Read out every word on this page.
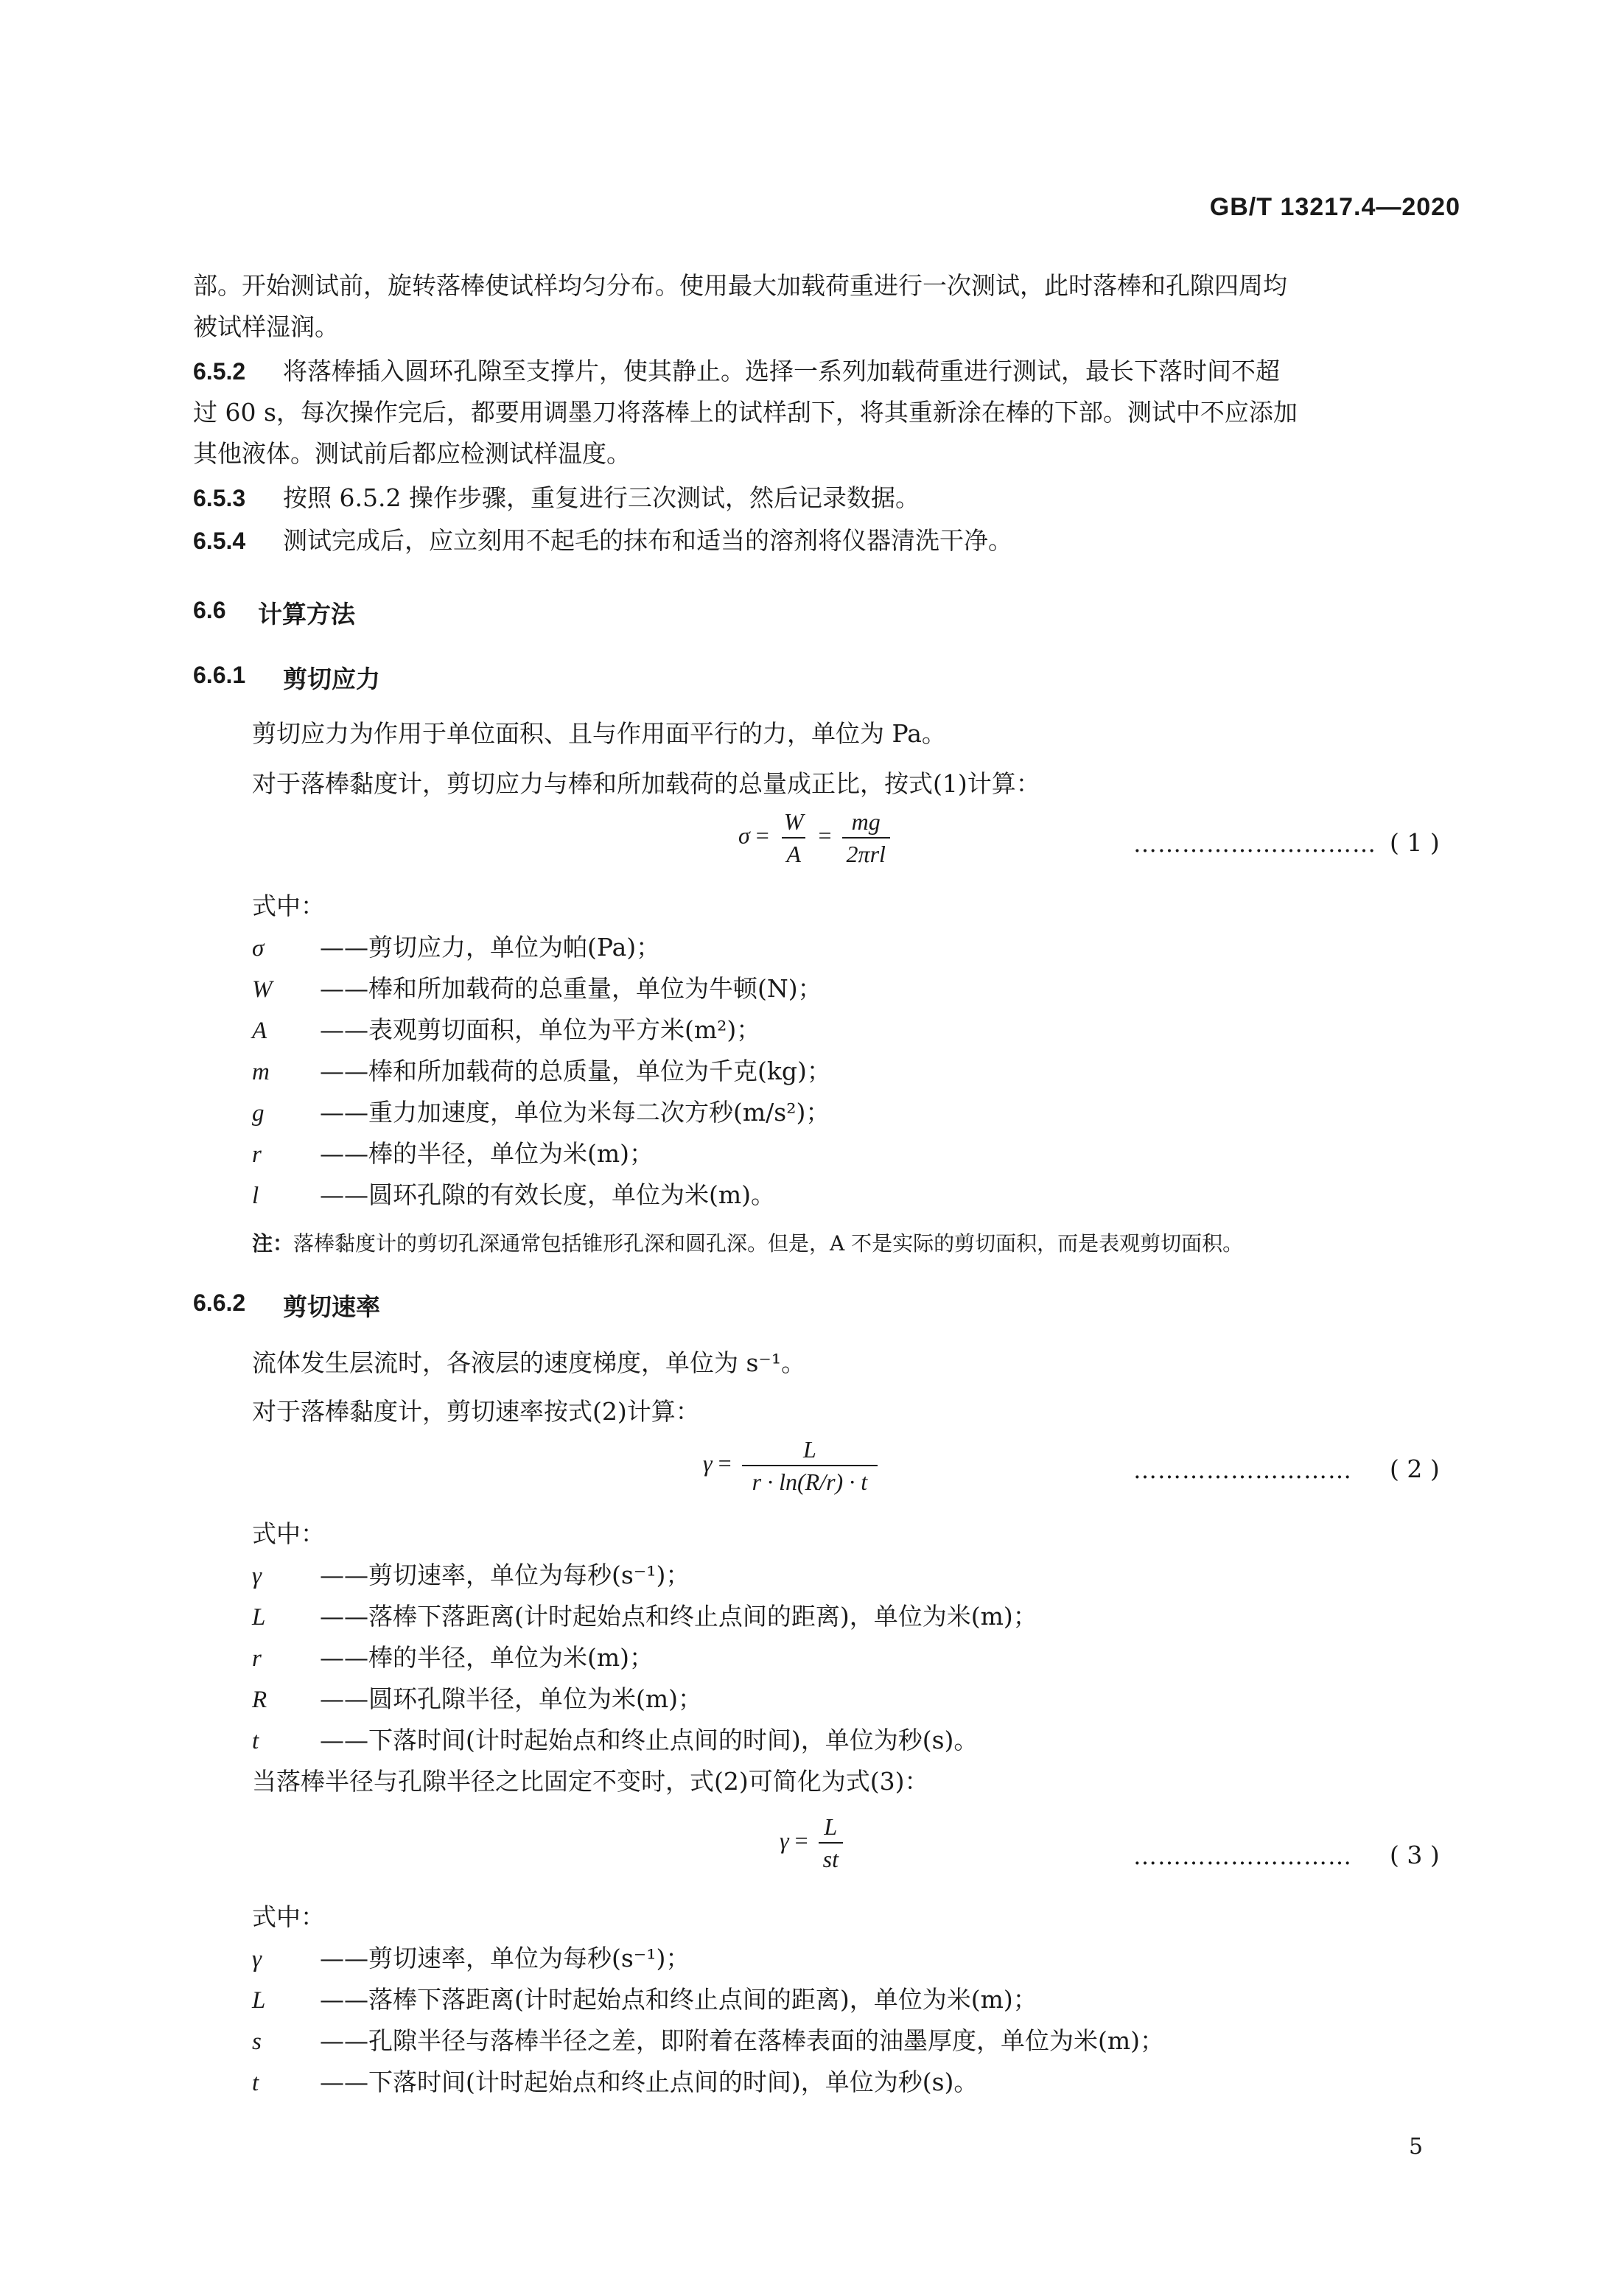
GB/T 13217.4—2020
部。开始测试前，旋转落棒使试样均匀分布。使用最大加载荷重进行一次测试，此时落棒和孔隙四周均
被试样湿润。
6.5.2 将落棒插入圆环孔隙至支撑片，使其静止。选择一系列加载荷重进行测试，最长下落时间不超
过 60 s，每次操作完后，都要用调墨刀将落棒上的试样刮下，将其重新涂在棒的下部。测试中不应添加
其他液体。测试前后都应检测试样温度。
6.5.3 按照 6.5.2 操作步骤，重复进行三次测试，然后记录数据。
6.5.4 测试完成后，应立刻用不起毛的抹布和适当的溶剂将仪器清洗干净。
6.6 计算方法
6.6.1 剪切应力
剪切应力为作用于单位面积、且与作用面平行的力，单位为 Pa。
对于落棒黏度计，剪切应力与棒和所加载荷的总量成正比，按式(1)计算：
$\sigma = \frac{W}{A} = \frac{mg}{\text{2πrl}}$	………………………… ( 1 )
式中：
σ ——剪切应力，单位为帕(Pa)；
W ——棒和所加载荷的总重量，单位为牛顿(N)；
A ——表观剪切面积，单位为平方米(m²)；
m ——棒和所加载荷的总质量，单位为千克(kg)；
g ——重力加速度，单位为米每二次方秒(m/s²)；
r ——棒的半径，单位为米(m)；
l	——圆环孔隙的有效长度，单位为米(m)。
注：落棒黏度计的剪切孔深通常包括锥形孔深和圆孔深。但是，A 不是实际的剪切面积，而是表观剪切面积。
6.6.2 剪切速率
流体发生层流时，各液层的速度梯度，单位为 s⁻¹。
对于落棒黏度计，剪切速率按式(2)计算：
$\gamma = \frac{L}{r \cdot \ln(R/r) \cdot t}$	……………………… ( 2 )
式中：
γ ——剪切速率，单位为每秒(s⁻¹)；
L ——落棒下落距离(计时起始点和终止点间的距离)，单位为米(m)；
r ——棒的半径，单位为米(m)；
R ——圆环孔隙半径，单位为米(m)；
t	——下落时间(计时起始点和终止点间的时间)，单位为秒(s)。
当落棒半径与孔隙半径之比固定不变时，式(2)可简化为式(3)：
$\gamma = \frac{L}{st}$	……………………… ( 3 )
式中：
γ ——剪切速率，单位为每秒(s⁻¹)；
L ——落棒下落距离(计时起始点和终止点间的距离)，单位为米(m)；
s ——孔隙半径与落棒半径之差，即附着在落棒表面的油墨厚度，单位为米(m)；
t	——下落时间(计时起始点和终止点间的时间)，单位为秒(s)。
5
